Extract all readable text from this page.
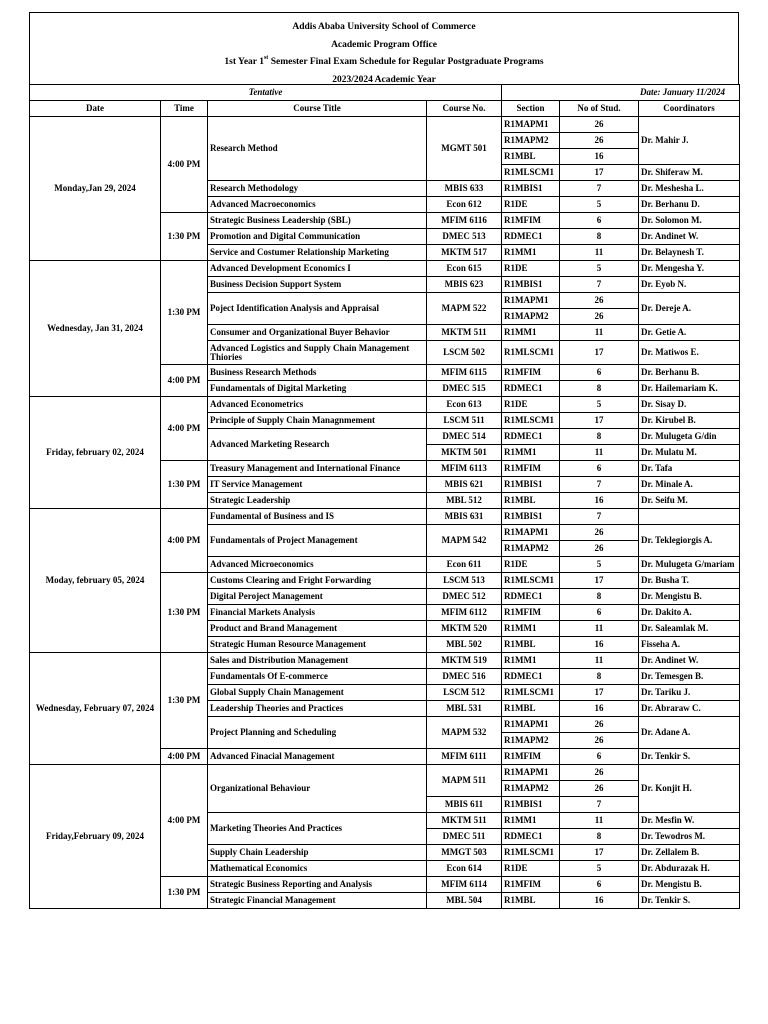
Addis Ababa University School of Commerce
Academic Program Office
1st Year 1st Semester Final Exam Schedule for Regular Postgraduate Programs
2023/2024 Academic Year
Tentative				Date: January 11/2024		
Date	Time	Course Title	Course No.	Section	No of Stud.	Coordinators
Monday,Jan 29, 2024	4:00 PM	Research Method	MGMT 501	R1MAPM1	26	Dr. Mahir J.
				R1MAPM2	26	
				R1MBL	16	
				R1MLSCM1	17	Dr. Shiferaw M.
		Research Methodology	MBIS 633	R1MBIS1	7	Dr. Meshesha L.
		Advanced Macroeconomics	Econ 612	R1DE	5	Dr. Berhanu D.
	1:30 PM	Strategic Business Leadership (SBL)	MFIM 6116	R1MFIM	6	Dr. Solomon M.
		Promotion and Digital Communication	DMEC 513	RDMEC1	8	Dr. Andinet W.
		Service and Costumer Relationship Marketing	MKTM 517	R1MM1	11	Dr. Belaynesh T.
Wednesday, Jan 31, 2024	1:30 PM	Advanced Development Economics I	Econ 615	R1DE	5	Dr. Mengesha Y.
		Business Decision Support System	MBIS 623	R1MBIS1	7	Dr. Eyob N.
		Poject Identification Analysis and Appraisal	MAPM 522	R1MAPM1	26	Dr. Dereje A.
				R1MAPM2	26	
		Consumer and Organizational Buyer Behavior	MKTM 511	R1MM1	11	Dr. Getie A.
		Advanced Logistics and Supply Chain Management Thiories	LSCM 502	R1MLSCM1	17	Dr. Matiwos E.
	4:00 PM	Business Research Methods	MFIM 6115	R1MFIM	6	Dr. Berhanu B.
		Fundamentals of Digital Marketing	DMEC 515	RDMEC1	8	Dr. Hailemariam K.
Friday, february 02, 2024	4:00 PM	Advanced Econometrics	Econ 613	R1DE	5	Dr. Sisay D.
		Principle of Supply Chain Managnmement	LSCM 511	R1MLSCM1	17	Dr. Kirubel B.
		Advanced Marketing Research	DMEC 514	RDMEC1	8	Dr. Mulugeta G/din
			MKTM 501	R1MM1	11	Dr. Mulatu M.
	1:30 PM	Treasury Management and International Finance	MFIM 6113	R1MFIM	6	Dr. Tafa
		IT Service Management	MBIS 621	R1MBIS1	7	Dr. Minale A.
		Strategic Leadership	MBL 512	R1MBL	16	Dr. Seifu M.
Moday, february 05, 2024	4:00 PM	Fundamental of Business and IS	MBIS 631	R1MBIS1	7	
		Fundamentals of Project Management	MAPM 542	R1MAPM1	26	Dr. Teklegiorgis A.
				R1MAPM2	26	
		Advanced Microeconomics	Econ 611	R1DE	5	Dr. Mulugeta G/mariam
	1:30 PM	Customs Clearing and Fright Forwarding	LSCM 513	R1MLSCM1	17	Dr. Busha T.
		Digital Peroject Management	DMEC 512	RDMEC1	8	Dr. Mengistu B.
		Financial Markets Analysis	MFIM 6112	R1MFIM	6	Dr. Dakito A.
		Product and Brand Management	MKTM 520	R1MM1	11	Dr. Saleamlak M.
		Strategic Human Resource Management	MBL 502	R1MBL	16	Fisseha A.
Wednesday, February 07, 2024	1:30 PM	Sales and Distribution Management	MKTM 519	R1MM1	11	Dr. Andinet W.
		Fundamentals Of E-commerce	DMEC 516	RDMEC1	8	Dr. Temesgen B.
		Global Supply Chain Management	LSCM 512	R1MLSCM1	17	Dr. Tariku J.
		Leadership Theories and Practices	MBL 531	R1MBL	16	Dr. Abraraw C.
		Project Planning and Scheduling	MAPM 532	R1MAPM1	26	Dr. Adane A.
				R1MAPM2	26	
	4:00 PM	Advanced Finacial Management	MFIM 6111	R1MFIM	6	Dr. Tenkir S.
Friday,February 09, 2024	4:00 PM	Organizational Behaviour	MAPM 511	R1MAPM1	26	Dr. Konjit H.
				R1MAPM2	26	
			MBIS 611	R1MBIS1	7	
		Marketing Theories And Practices	MKTM 511	R1MM1	11	Dr. Mesfin W.
			DMEC 511	RDMEC1	8	Dr. Tewodros M.
		Supply Chain Leadership	MMGT 503	R1MLSCM1	17	Dr. Zellalem B.
		Mathematical Economics	Econ 614	R1DE	5	Dr. Abdurazak H.
	1:30 PM	Strategic Business Reporting and Analysis	MFIM 6114	R1MFIM	6	Dr. Mengistu B.
		Strategic Financial Management	MBL 504	R1MBL	16	Dr. Tenkir S.
